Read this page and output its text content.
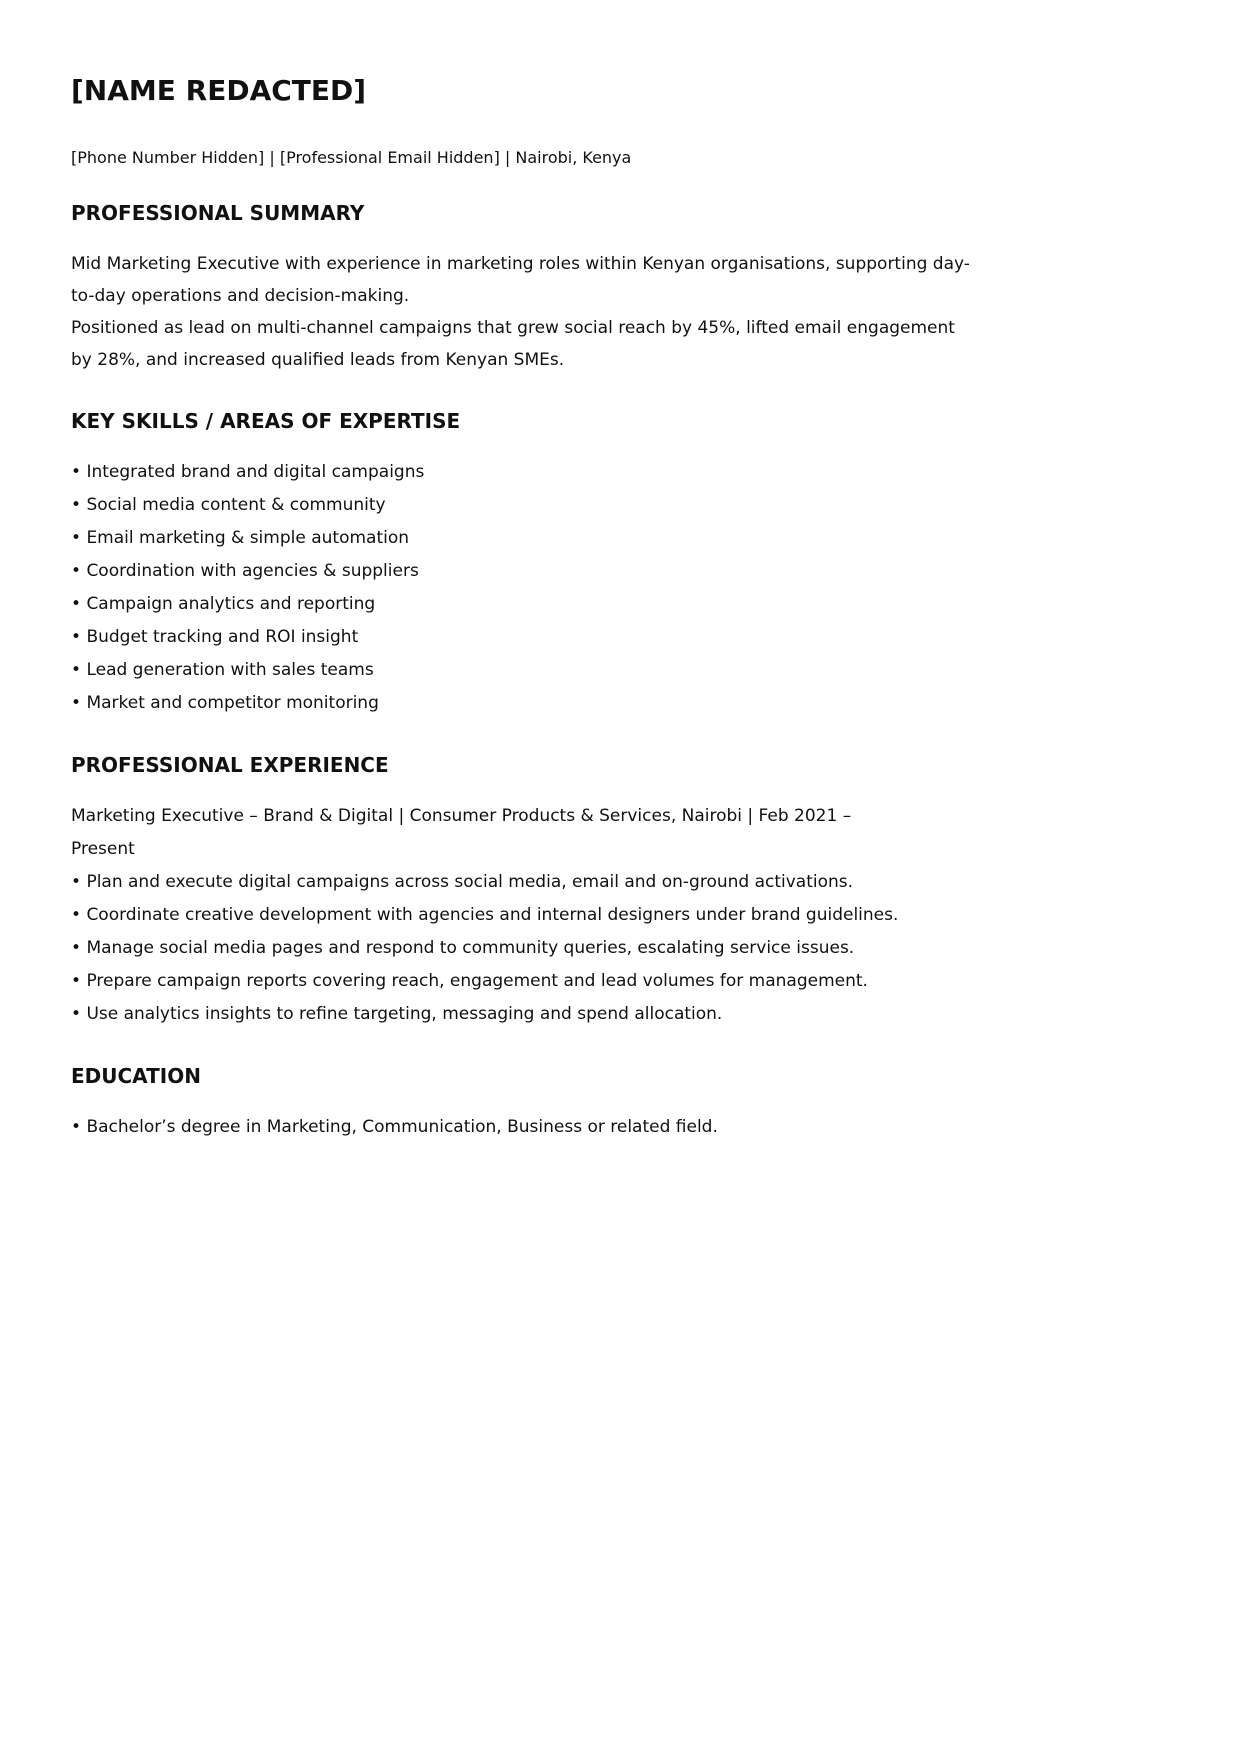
[NAME REDACTED]

[Phone Number Hidden] | [Professional Email Hidden] | Nairobi, Kenya

PROFESSIONAL SUMMARY

Mid Marketing Executive with experience in marketing roles within Kenyan organisations, supporting day-to-day operations and decision-making.

Positioned as lead on multi-channel campaigns that grew social reach by 45%, lifted email engagement by 28%, and increased qualified leads from Kenyan SMEs.

KEY SKILLS / AREAS OF EXPERTISE
• Integrated brand and digital campaigns
• Social media content & community
• Email marketing & simple automation
• Coordination with agencies & suppliers
• Campaign analytics and reporting
• Budget tracking and ROI insight
• Lead generation with sales teams
• Market and competitor monitoring
PROFESSIONAL EXPERIENCE

Marketing Executive – Brand & Digital | Consumer Products & Services, Nairobi | Feb 2021 –
Present

• Plan and execute digital campaigns across social media, email and on-ground activations.
• Coordinate creative development with agencies and internal designers under brand guidelines.
• Manage social media pages and respond to community queries, escalating service issues.
• Prepare campaign reports covering reach, engagement and lead volumes for management.
• Use analytics insights to refine targeting, messaging and spend allocation.
EDUCATION
• Bachelor’s degree in Marketing, Communication, Business or related field.
